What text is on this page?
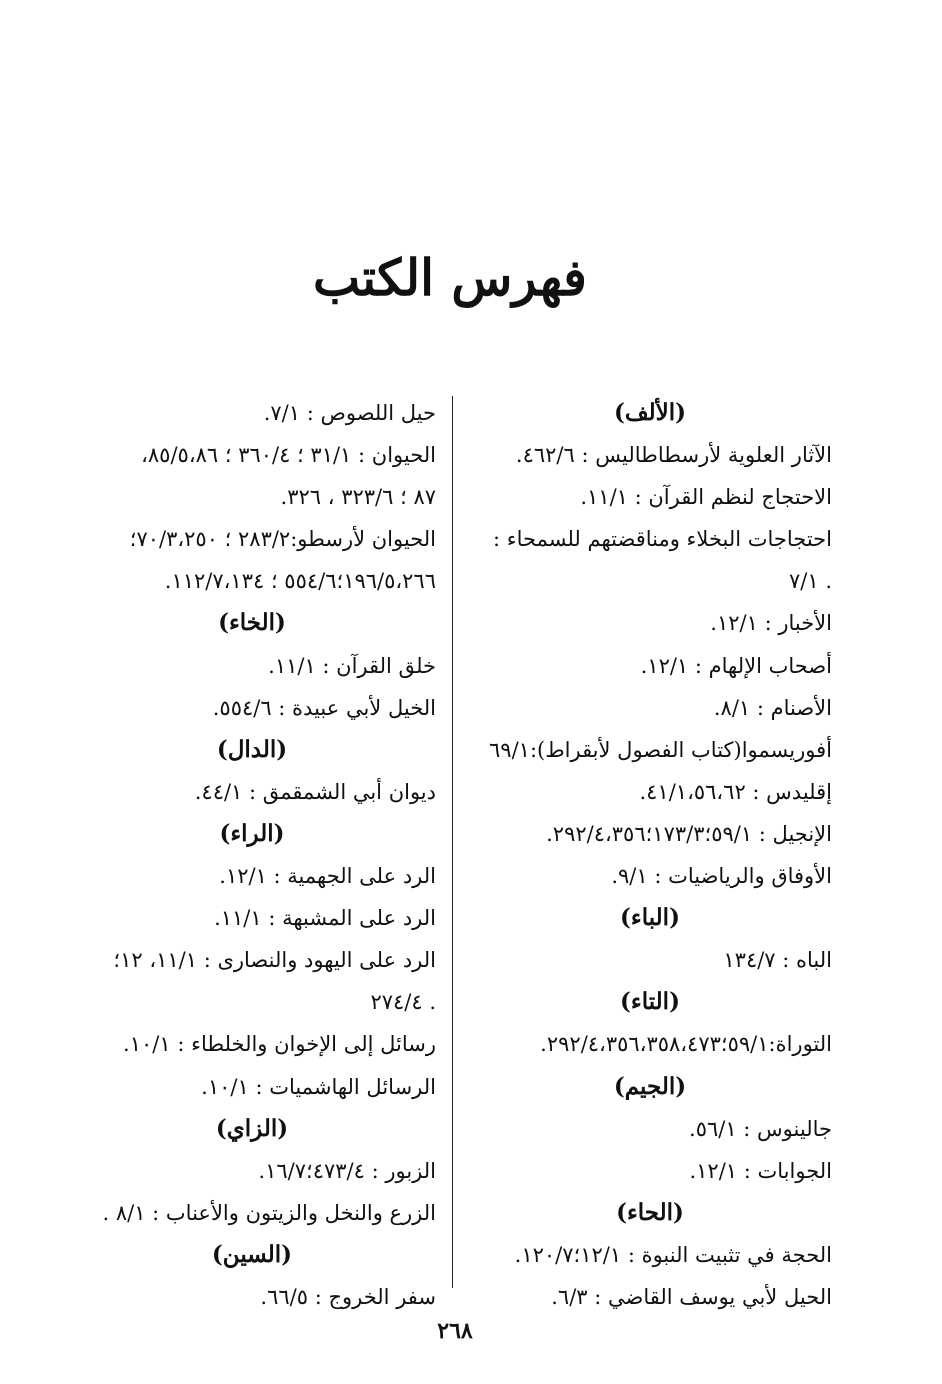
فهرس الكتب
(الألف)
الآثار العلوية لأرسطاطاليس : ٤٦٢/٦.
الاحتجاج لنظم القرآن : ١١/١.
احتجاجات البخلاء ومناقضتهم للسمحاء :
. ٧/١
الأخبار : ١٢/١.
أصحاب الإلهام : ١٢/١.
الأصنام : ٨/١.
أفوريسموا(كتاب الفصول لأبقراط):٦٩/١
إقليدس : ٤١/١،٥٦،٦٢.
الإنجيل : ٥٩/١؛١٧٣/٣؛٢٩٢/٤،٣٥٦.
الأوفاق والرياضيات : ٩/١.
(الباء)
الباه : ١٣٤/٧
(التاء)
التوراة:٥٩/١؛٢٩٢/٤،٣٥٦،٣٥٨،٤٧٣.
(الجيم)
جالينوس : ٥٦/١.
الجوابات : ١٢/١.
(الحاء)
الحجة في تثبيت النبوة : ١٢/١؛١٢٠/٧.
الحيل لأبي يوسف القاضي : ٦/٣.
حيل اللصوص : ٧/١.
الحيوان : ٣١/١ ؛ ٣٦٠/٤ ؛ ٨٥/٥،٨٦،
٨٧ ؛ ٣٢٣/٦ ، ٣٢٦.
الحيوان لأرسطو:٢٨٣/٢ ؛ ٧٠/٣،٢٥٠؛
١٩٦/٥،٢٦٦؛٥٥٤/٦ ؛ ١١٢/٧،١٣٤.
(الخاء)
خلق القرآن : ١١/١.
الخيل لأبي عبيدة : ٥٥٤/٦.
(الدال)
ديوان أبي الشمقمق : ٤٤/١.
(الراء)
الرد على الجهمية : ١٢/١.
الرد على المشبهة : ١١/١.
الرد على اليهود والنصارى : ١١/١، ١٢؛
. ٢٧٤/٤
رسائل إلى الإخوان والخلطاء : ١٠/١.
الرسائل الهاشميات : ١٠/١.
(الزاي)
الزبور : ٤٧٣/٤؛١٦/٧.
الزرع والنخل والزيتون والأعناب : ٨/١ .
(السين)
سفر الخروج : ٦٦/٥.
٢٦٨
